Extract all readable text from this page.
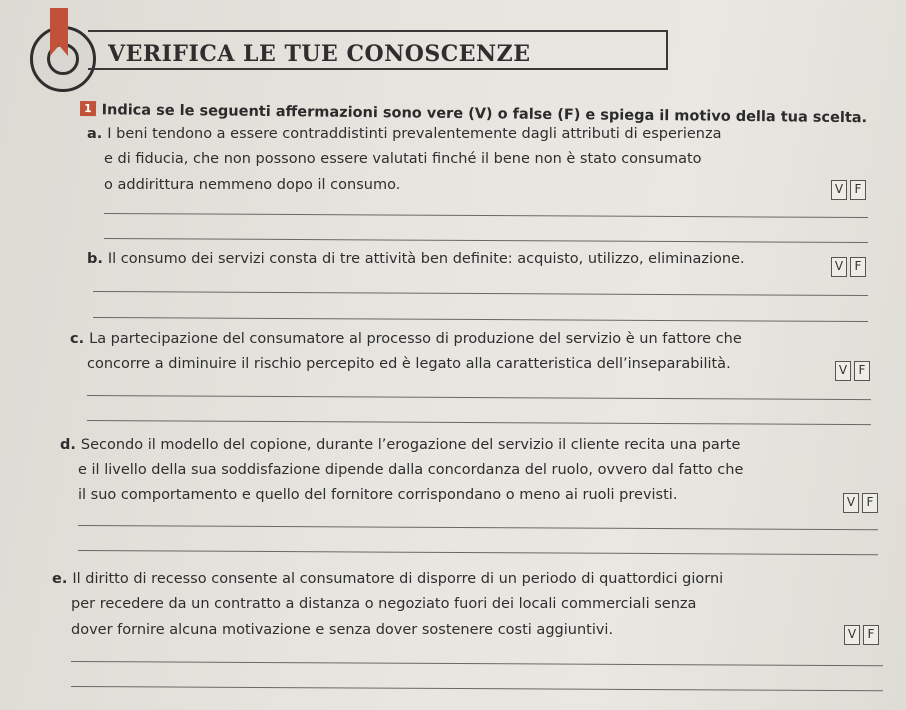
VERIFICA LE TUE CONOSCENZE
1 Indica se le seguenti affermazioni sono vere (V) o false (F) e spiega il motivo della tua scelta.
a. I beni tendono a essere contraddistinti prevalentemente dagli attributi di esperienza
e di fiducia, che non possono essere valutati finché il bene non è stato consumato
o addirittura nemmeno dopo il consumo.	V F
b. Il consumo dei servizi consta di tre attività ben definite: acquisto, utilizzo, eliminazione.	V F
c. La partecipazione del consumatore al processo di produzione del servizio è un fattore che
concorre a diminuire il rischio percepito ed è legato alla caratteristica dell’inseparabilità.	V F
d. Secondo il modello del copione, durante l’erogazione del servizio il cliente recita una parte
e il livello della sua soddisfazione dipende dalla concordanza del ruolo, ovvero dal fatto che
il suo comportamento e quello del fornitore corrispondano o meno ai ruoli previsti.	V F
e. Il diritto di recesso consente al consumatore di disporre di un periodo di quattordici giorni
per recedere da un contratto a distanza o negoziato fuori dei locali commerciali senza
dover fornire alcuna motivazione e senza dover sostenere costi aggiuntivi.	V F
